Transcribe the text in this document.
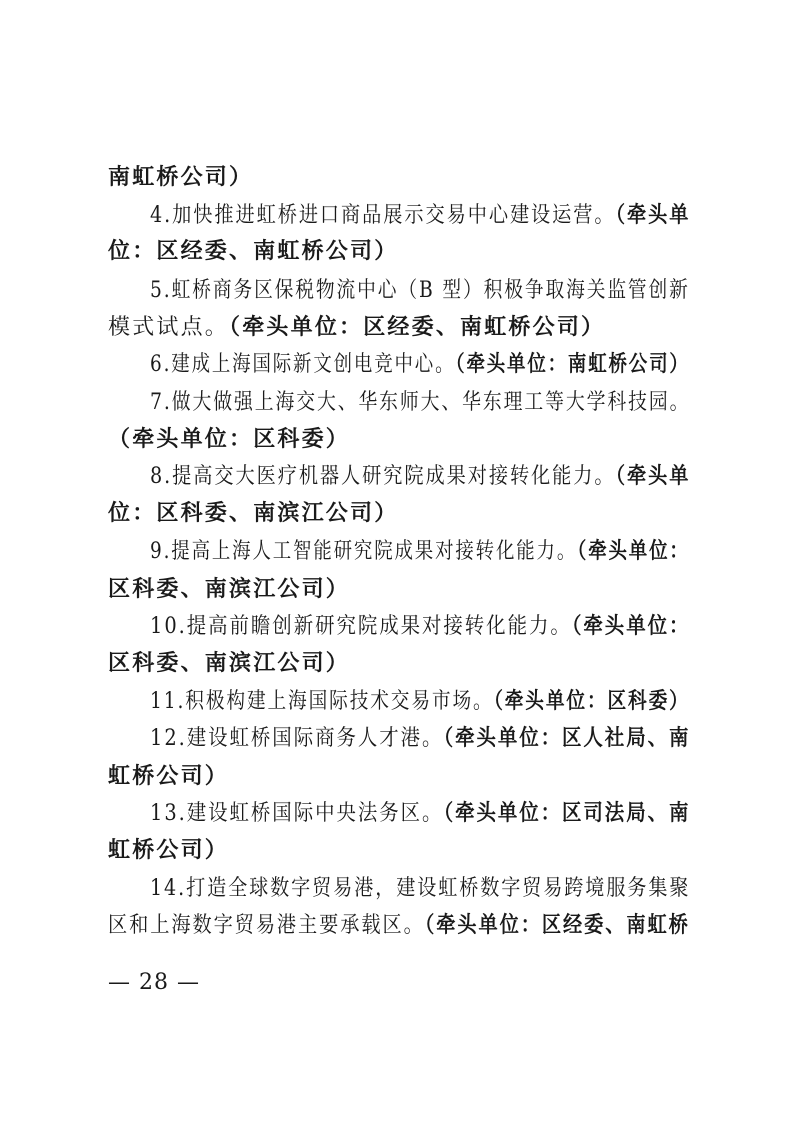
南虹桥公司）
4.加快推进虹桥进口商品展示交易中心建设运营。（牵头单
位：区经委、南虹桥公司）
5.虹桥商务区保税物流中心（B 型）积极争取海关监管创新
模式试点。（牵头单位：区经委、南虹桥公司）
6.建成上海国际新文创电竞中心。（牵头单位：南虹桥公司）
7.做大做强上海交大、华东师大、华东理工等大学科技园。
（牵头单位：区科委）
8.提高交大医疗机器人研究院成果对接转化能力。（牵头单
位：区科委、南滨江公司）
9.提高上海人工智能研究院成果对接转化能力。（牵头单位：
区科委、南滨江公司）
10.提高前瞻创新研究院成果对接转化能力。（牵头单位：
区科委、南滨江公司）
11.积极构建上海国际技术交易市场。（牵头单位：区科委）
12.建设虹桥国际商务人才港。（牵头单位：区人社局、南
虹桥公司）
13.建设虹桥国际中央法务区。（牵头单位：区司法局、南
虹桥公司）
14.打造全球数字贸易港，建设虹桥数字贸易跨境服务集聚
区和上海数字贸易港主要承载区。（牵头单位：区经委、南虹桥
— 28 —
